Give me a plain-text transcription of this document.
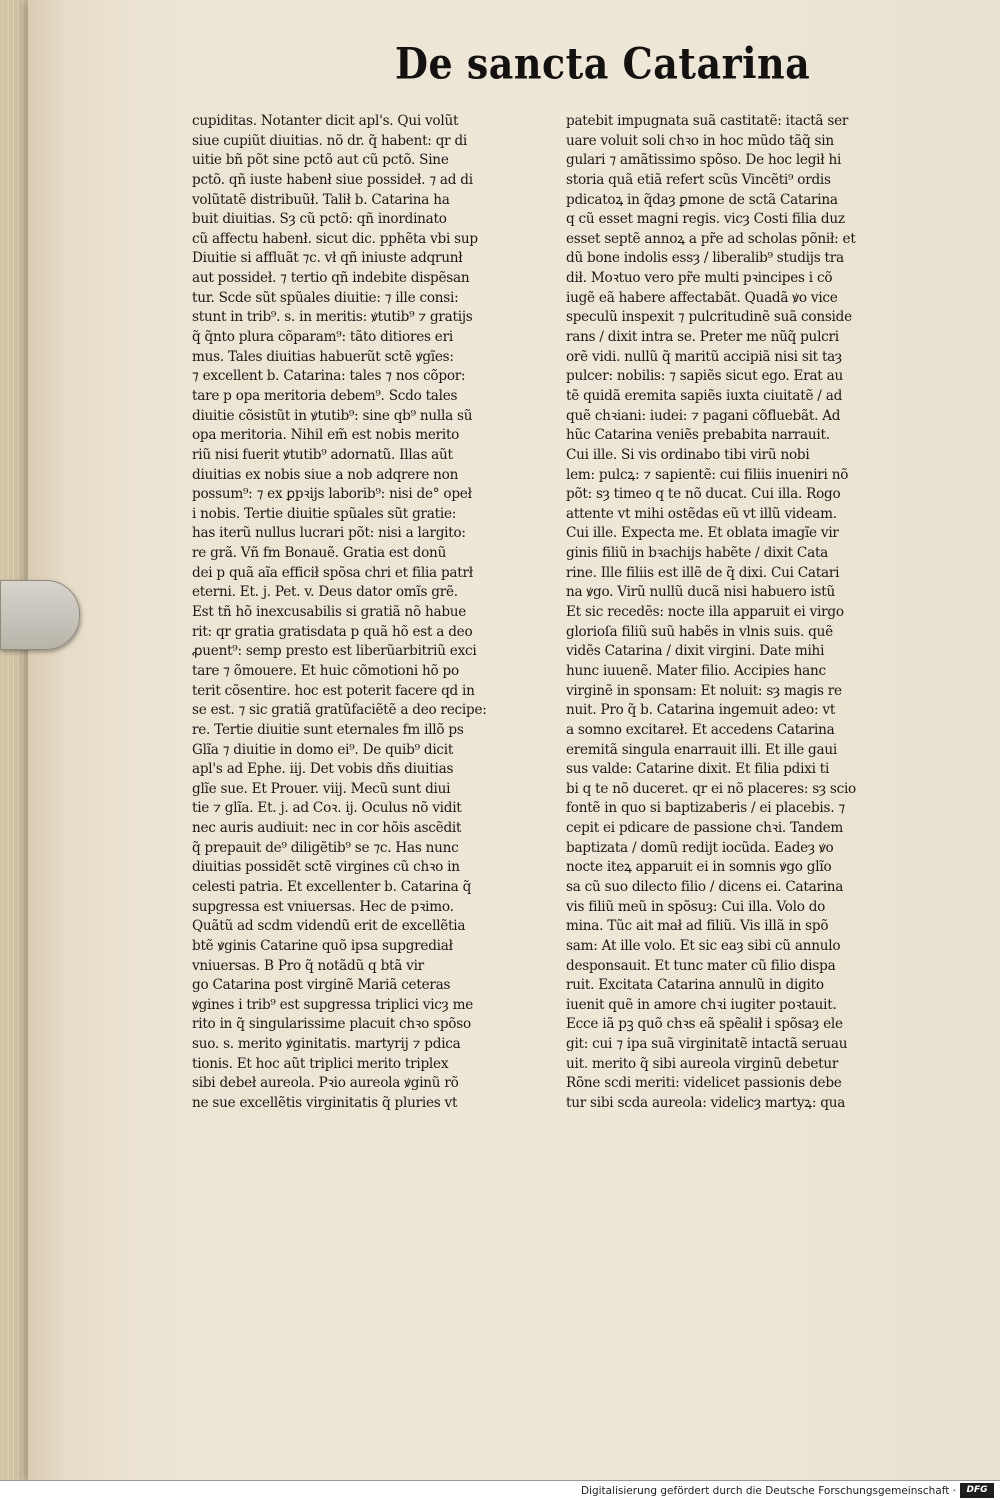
De sancta Catarina
cupiditas. Notanter dicit apl's. Qui volũt
siue cupiũt diuitias. nõ dr. q̃ habent: qr di
uitie bñ põt sine pctõ aut cũ pctõ. Sine
pctõ. qñ iuste habenł siue possideł. ⁊ ad di
volũtatẽ distribuũł. Talił b. Catarina ha
buit diuitias. Sȝ cũ pctõ: qñ inordinato
cũ affectu habenł. sicut dic. pphẽta vbi sup
Diuitie si affluãt ⁊c. vł qñ iniuste adqrunł
aut possideł. ⁊ tertio qñ indebite dispẽsan
tur. Scde sũt spũales diuitie: ⁊ ille consi:
stunt in trib⁹. s. in meritis: ꝟtutib⁹ ⁊ gratijs
q̃ q̃nto plura cõparam⁹: tãto ditiores eri
mus. Tales diuitias habuerũt sctẽ ꝟgĩes:
⁊ excellent b. Catarina: tales ⁊ nos cõpor:
tare p opa meritoria debem⁹. Scdo tales
diuitie cõsistũt in ꝟtutib⁹: sine qb⁹ nulla sũ
opa meritoria. Nihil em̃ est nobis merito
riũ nisi fuerit ꝟtutib⁹ adornatũ. Illas aũt
diuitias ex nobis siue a nob adqrere non
possum⁹: ⁊ ex ꝑpꝛijs laborib⁹: nisi de° opeł
i nobis. Tertie diuitie spũales sũt gratie:
has iterũ nullus lucrari põt: nisi a largito:
re grã. Vñ fm Bonauẽ. Gratia est donũ
dei p quã aĩa efficił spõsa chri et filia patrł
eterni. Et. j. Pet. v. Deus dator omĩs grẽ.
Est tñ hõ inexcusabilis si gratiã nõ habue
rit: qr gratia gratisdata p quã hõ est a deo
ꝓuent⁹: semp presto est liberũarbitriũ exci
tare ⁊ õmouere. Et huic cõmotioni hõ po
terit cõsentire. hoc est poterit facere qd in
se est. ⁊ sic gratiã gratũfaciẽtẽ a deo recipe:
re. Tertie diuitie sunt eternales fm illõ ps
Glĩa ⁊ diuitie in domo ei⁹. De quib⁹ dicit
apl's ad Ephe. iij. Det vobis dñs diuitias
glĩe sue. Et Prouer. viij. Mecũ sunt diui
tie ⁊ glĩa. Et. j. ad Coꝛ. ij. Oculus nõ vidit
nec auris audiuit: nec in cor hõis ascẽdit
q̃ prepauit de⁹ diligẽtib⁹ se ⁊c. Has nunc
diuitias possidẽt sctẽ virgines cũ chꝛo in
celesti patria. Et excellenter b. Catarina q̃
supgressa est vniuersas. Hec de pꝛimo.
Quãtũ ad scdm videndũ erit de excellẽtia
btẽ ꝟginis Catarine quõ ipsa supgrediał
vniuersas. B Pro q̃ notãdũ q btã vir
go Catarina post virginẽ Mariã ceteras
ꝟgines i trib⁹ est supgressa triplici vicȝ me
rito in q̃ singularissime placuit chꝛo spõso
suo. s. merito ꝟginitatis. martyrij ⁊ pdica
tionis. Et hoc aũt triplici merito triplex
sibi debeł aureola. Pꝛio aureola ꝟginũ rõ
ne sue excellẽtis virginitatis q̃ pluries vt
patebit impugnata suã castitatẽ: itactã ser
uare voluit soli chꝛo in hoc mũdo tãq̃ sin
gulari ⁊ amãtissimo spõso. De hoc legił hi
storia quã etiã refert scũs Vincẽti⁹ ordis
pdicatoꝝ in q̃daȝ ꝑmone de sctã Catarina
q cũ esset magni regis. vicȝ Costi filia duz
esset septẽ annoꝝ a pr̃e ad scholas põnił: et
dũ bone indolis essȝ / liberalib⁹ studijs tra
dił. Moꝛtuo vero pr̃e multi pꝛincipes i cõ
iugẽ eã habere affectabãt. Quadã ꝟo vice
speculũ inspexit ⁊ pulcritudinẽ suã conside
rans / dixit intra se. Preter me nũq̃ pulcri
orẽ vidi. nullũ q̃ maritũ accipiã nisi sit taȝ
pulcer: nobilis: ⁊ sapiẽs sicut ego. Erat au
tẽ quidã eremita sapiẽs iuxta ciuitatẽ / ad
quẽ chꝛiani: iudei: ⁊ pagani cõfluebãt. Ad
hũc Catarina veniẽs prebabita narrauit.
Cui ille. Si vis ordinabo tibi virũ nobi
lem: pulcꝝ: ⁊ sapientẽ: cui filiis inueniri nõ
põt: sȝ timeo q te nõ ducat. Cui illa. Rogo
attente vt mihi ostẽdas eũ vt illũ videam.
Cui ille. Expecta me. Et oblata imagĩe vir
ginis filiũ in bꝛachijs habẽte / dixit Cata
rine. Ille filiis est illẽ de q̃ dixi. Cui Catari
na ꝟgo. Virũ nullũ ducã nisi habuero istũ
Et sic recedẽs: nocte illa apparuit ei virgo
glorioſa filiũ suũ habẽs in vlnis suis. quẽ
vidẽs Catarina / dixit virgini. Date mihi
hunc iuuenẽ. Mater filio. Accipies hanc
virginẽ in sponsam: Et noluit: sȝ magis re
nuit. Pro q̃ b. Catarina ingemuit adeo: vt
a somno excitareł. Et accedens Catarina
eremitã singula enarrauit illi. Et ille gaui
sus valde: Catarine dixit. Et filia pdixi ti
bi q te nõ duceret. qr ei nõ placeres: sȝ scio
fontẽ in quo si baptizaberis / ei placebis. ⁊
cepit ei pdicare de passione chꝛi. Tandem
baptizata / domũ redijt iocũda. Eadeȝ ꝟo
nocte iteꝝ apparuit ei in somnis ꝟgo glĩo
sa cũ suo dilecto filio / dicens ei. Catarina
vis filiũ meũ in spõsuȝ: Cui illa. Volo do
mina. Tũc ait mał ad filiũ. Vis illã in spõ
sam: At ille volo. Et sic eaȝ sibi cũ annulo
desponsauit. Et tunc mater cũ filio dispa
ruit. Excitata Catarina annulũ in digito
iuenit quẽ in amore chꝛi iugiter poꝛtauit.
Ecce iã pꝫ quõ chꝛs eã spẽalił i spõsaȝ ele
git: cui ⁊ ipa suã virginitatẽ intactã seruau
uit. merito q̃ sibi aureola virginũ debetur
Rõne scdi meriti: videlicet passionis debe
tur sibi scda aureola: videlicȝ martyꝝ: qua
Digitalisierung gefördert durch die Deutsche Forschungsgemeinschaft ·	DFG
